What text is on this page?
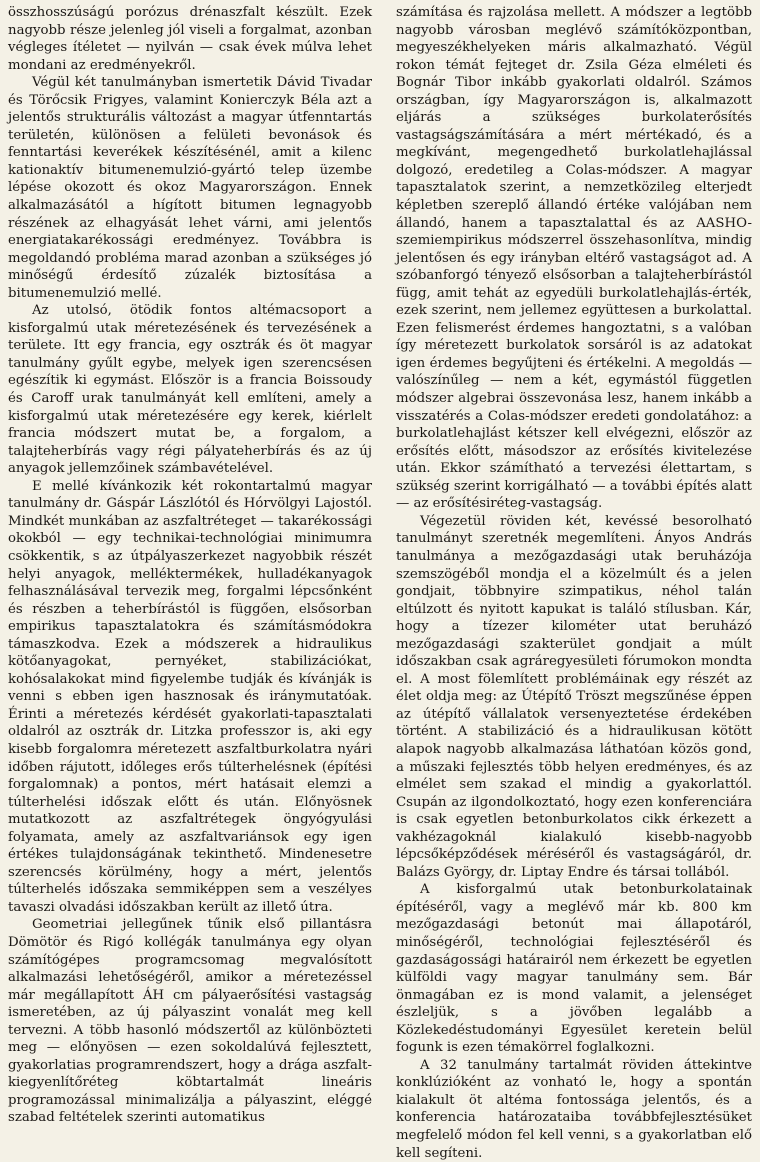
összhosszúságú porózus drénaszfalt készült. Ezek nagyobb része jelenleg jól viseli a forgalmat, azonban végleges ítéletet — nyilván — csak évek múlva lehet mondani az eredményekről.

Végül két tanulmányban ismertetik Dávid Tivadar és Törőcsik Frigyes, valamint Konierczyk Béla azt a jelentős strukturális változást a magyar útfenntartás területén, különösen a felületi bevonások és fenntartási keverékek készítésénél, amit a kilenc kationaktív bitumenemulzió-gyártó telep üzembe lépése okozott és okoz Magyarországon. Ennek alkalmazásától a hígított bitumen legnagyobb részének az elhagyását lehet várni, ami jelentős energiatakarékossági eredményez. Továbbra is megoldandó probléma marad azonban a szükséges jó minőségű érdesítő zúzalék biztosítása a bitumenemulzió mellé.

Az utolsó, ötödik fontos altémacsoport a kisforgalmú utak méretezésének és tervezésének a területe. Itt egy francia, egy osztrák és öt magyar tanulmány gyűlt egybe, melyek igen szerencsésen egészítik ki egymást. Először is a francia Boissoudy és Caroff urak tanulmányát kell említeni, amely a kisforgalmú utak méretezésére egy kerek, kiérlelt francia módszert mutat be, a forgalom, a talajteherbírás vagy régi pályateherbírás és az új anyagok jellemzőinek számbavételével.

E mellé kívánkozik két rokontartalmú magyar tanulmány dr. Gáspár Lászlótól és Hórvölgyi Lajostól. Mindkét munkában az aszfaltréteget — takarékossági okokból — egy technikai-technológiai minimumra csökkentik, s az útpályaszerkezet nagyobbik részét helyi anyagok, melléktermékek, hulladékanyagok felhasználásával tervezik meg, forgalmi lépcsőnként és részben a teherbírástól is függően, elsősorban empirikus tapasztalatokra és számításmódokra támaszkodva. Ezek a módszerek a hidraulikus kötőanyagokat, pernyéket, stabilizációkat, kohósalakokat mind figyelembe tudják és kívánják is venni s ebben igen hasznosak és iránymutatóak. Érinti a méretezés kérdését gyakorlati-tapasztalati oldalról az osztrák dr. Litzka professzor is, aki egy kisebb forgalomra méretezett aszfaltburkolatra nyári időben rájutott, időleges erős túlterhelésnek (építési forgalomnak) a pontos, mért hatásait elemzi a túlterhelési időszak előtt és után. Előnyösnek mutatkozott az aszfaltrétegek öngyógyulási folyamata, amely az aszfaltvariánsok egy igen értékes tulajdonságának tekinthető. Mindenesetre szerencsés körülmény, hogy a mért, jelentős túlterhelés időszaka semmiképpen sem a veszélyes tavaszi olvadási időszakban került az illető útra.

Geometriai jellegűnek tűnik első pillantásra Dömötör és Rigó kollégák tanulmánya egy olyan számítógépes programcsomag megvalósított alkalmazási lehetőségéről, amikor a méretezéssel már megállapított ÁH cm pályaerősítési vastagság ismeretében, az új pályaszint vonalát meg kell tervezni. A több hasonló módszertől az különbözteti meg — előnyösen — ezen sokoldalúvá fejlesztett, gyakorlatias programrendszert, hogy a drága aszfalt-kiegyenlítőréteg köbtartalmát lineáris programozással minimalizálja a pályaszint, eléggé szabad feltételek szerinti automatikus

számítása és rajzolása mellett. A módszer a legtöbb nagyobb városban meglévő számítóközpontban, megyeszékhelyeken máris alkalmazható. Végül rokon témát fejteget dr. Zsila Géza elméleti és Bognár Tibor inkább gyakorlati oldalról. Számos országban, így Magyarországon is, alkalmazott eljárás a szükséges burkolaterősítés vastagságszámítására a mért mértékadó, és a megkívánt, megengedhető burkolatlehajlással dolgozó, eredetileg a Colas-módszer. A magyar tapasztalatok szerint, a nemzetközileg elterjedt képletben szereplő állandó értéke valójában nem állandó, hanem a tapasztalattal és az AASHO-szemiempirikus módszerrel összehasonlítva, mindig jelentősen és egy irányban eltérő vastagságot ad. A szóbanforgó tényező elsősorban a talajteherbírástól függ, amit tehát az egyedüli burkolatlehajlás-érték, ezek szerint, nem jellemez együttesen a burkolattal. Ezen felismerést érdemes hangoztatni, s a valóban így méretezett burkolatok sorsáról is az adatokat igen érdemes begyűjteni és értékelni. A megoldás — valószínűleg — nem a két, egymástól független módszer algebrai összevonása lesz, hanem inkább a visszatérés a Colas-módszer eredeti gondolatához: a burkolatlehajlást kétszer kell elvégezni, először az erősítés előtt, másodszor az erősítés kivitelezése után. Ekkor számítható a tervezési élettartam, s szükség szerint korrigálható — a további építés alatt — az erősítésiréteg-vastagság.

Végezetül röviden két, kevéssé besorolható tanulmányt szeretnék megemlíteni. Ányos András tanulmánya a mezőgazdasági utak beruházója szemszögéből mondja el a közelmúlt és a jelen gondjait, többnyire szimpatikus, néhol talán eltúlzott és nyitott kapukat is találó stílusban. Kár, hogy a tízezer kilométer utat beruházó mezőgazdasági szakterület gondjait a múlt időszakban csak agráregyesületi fórumokon mondta el. A most fölemlített problémáinak egy részét az élet oldja meg: az Útépítő Tröszt megszűnése éppen az útépítő vállalatok versenyeztetése érdekében történt. A stabilizáció és a hidraulikusan kötött alapok nagyobb alkalmazása láthatóan közös gond, a műszaki fejlesztés több helyen eredményes, és az elmélet sem szakad el mindig a gyakorlattól. Csupán az ilgondolkoztató, hogy ezen konferenciára is csak egyetlen betonburkolatos cikk érkezett a vakhézagoknál kialakuló kisebb-nagyobb lépcsőképződések méréséről és vastagságáról, dr. Balázs György, dr. Liptay Endre és társai tollából.

A kisforgalmú utak betonburkolatainak építéséről, vagy a meglévő már kb. 800 km mezőgazdasági betonút mai állapotáról, minőségéről, technológiai fejlesztéséről és gazdaságossági határairól nem érkezett be egyetlen külföldi vagy magyar tanulmány sem. Bár önmagában ez is mond valamit, a jelenséget észleljük, s a jövőben legalább a Közlekedéstudományi Egyesület keretein belül fogunk is ezen témakörrel foglalkozni.

A 32 tanulmány tartalmát röviden áttekintve konklúzióként az vonható le, hogy a spontán kialakult öt altéma fontossága jelentős, és a konferencia határozataiba továbbfejlesztésüket megfelelő módon fel kell venni, s a gyakorlatban elő kell segíteni.
